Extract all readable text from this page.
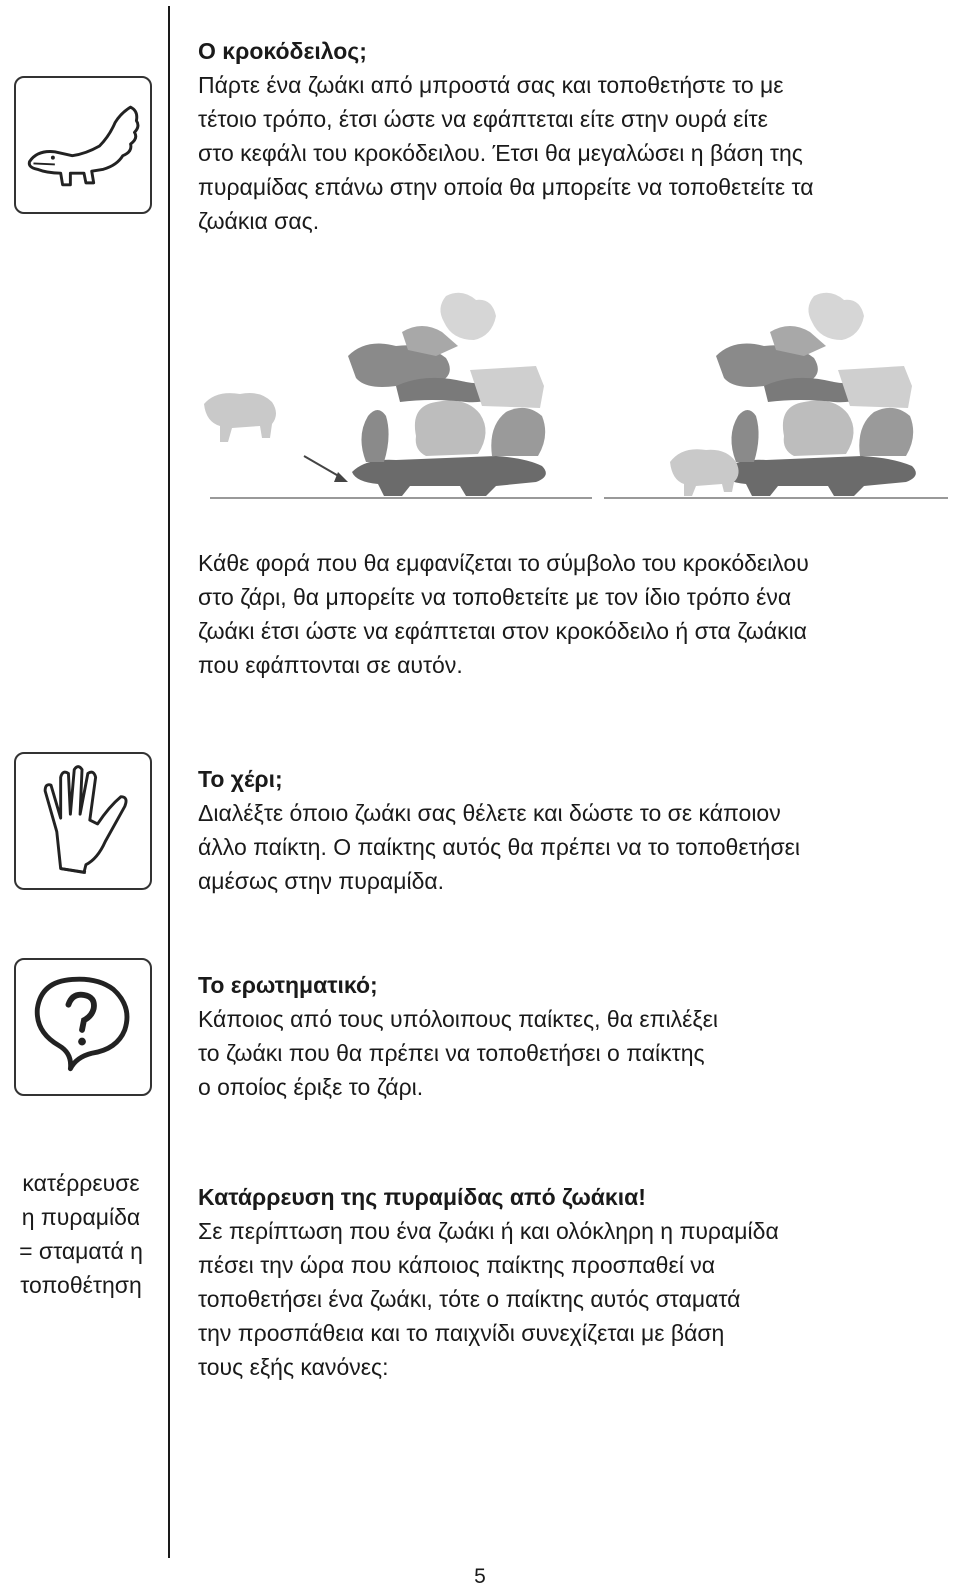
Ο κροκόδειλος;

Πάρτε ένα ζωάκι από μπροστά σας και τοποθετήστε το με

τέτοιο τρόπο, έτσι ώστε να εφάπτεται είτε στην ουρά είτε

στο κεφάλι του κροκόδειλου. Έτσι θα μεγαλώσει η βάση της

πυραμίδας επάνω στην οποία θα μπορείτε να τοποθετείτε τα

ζωάκια σας.

Κάθε φορά που θα εμφανίζεται το σύμβολο του κροκόδειλου

στο ζάρι, θα μπορείτε να τοποθετείτε με τον ίδιο τρόπο ένα

ζωάκι έτσι ώστε να εφάπτεται στον κροκόδειλο ή στα ζωάκια

που εφάπτονται σε αυτόν.

Το χέρι;

Διαλέξτε όποιο ζωάκι σας θέλετε και δώστε το σε κάποιον

άλλο παίκτη. Ο παίκτης αυτός θα πρέπει να το τοποθετήσει

αμέσως στην πυραμίδα.

Το ερωτηματικό;

Κάποιος από τους υπόλοιπους παίκτες, θα επιλέξει

το ζωάκι που θα πρέπει να τοποθετήσει ο παίκτης

ο οποίος έριξε το ζάρι.

κατέρρευσε
η πυραμίδα
= σταματά η
τοποθέτηση
Κατάρρευση της πυραμίδας από ζωάκια!

Σε περίπτωση που ένα ζωάκι ή και ολόκληρη η πυραμίδα

πέσει την ώρα που κάποιος παίκτης προσπαθεί να

τοποθετήσει ένα ζωάκι, τότε ο παίκτης αυτός σταματά

την προσπάθεια και το παιχνίδι συνεχίζεται με βάση

τους εξής κανόνες:

5
